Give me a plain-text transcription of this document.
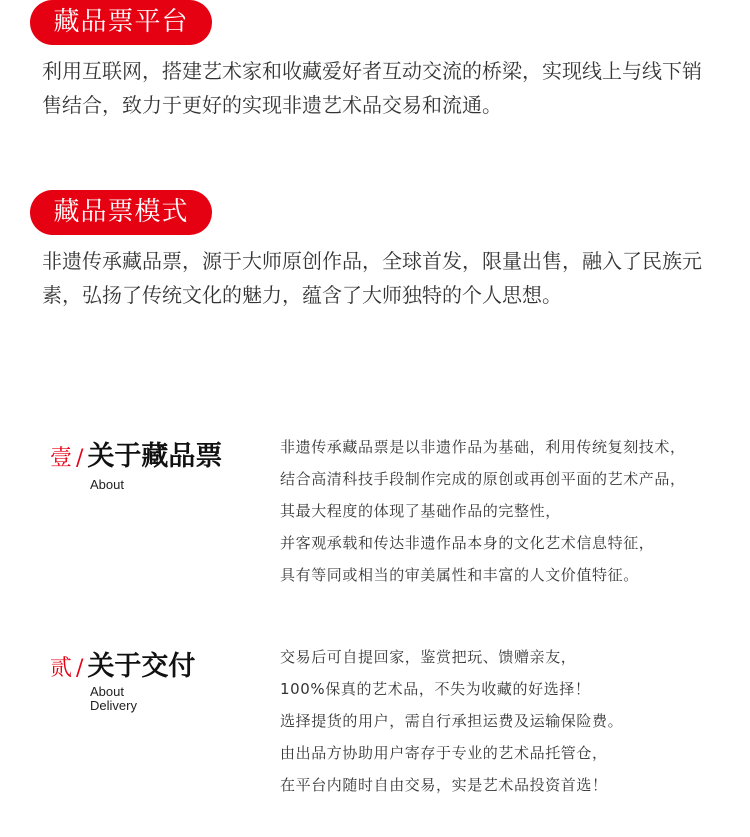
藏品票平台
利用互联网，搭建艺术家和收藏爱好者互动交流的桥梁，实现线上与线下销售结合，致力于更好的实现非遗艺术品交易和流通。
藏品票模式
非遗传承藏品票，源于大师原创作品，全球首发，限量出售，融入了民族元素，弘扬了传统文化的魅力，蕴含了大师独特的个人思想。
壹 / 关于藏品票
About
非遗传承藏品票是以非遗作品为基础，利用传统复刻技术，
结合高清科技手段制作完成的原创或再创平面的艺术产品，
其最大程度的体现了基础作品的完整性，
并客观承载和传达非遗作品本身的文化艺术信息特征，
具有等同或相当的审美属性和丰富的人文价值特征。
贰 / 关于交付
About
Delivery
交易后可自提回家，鉴赏把玩、馈赠亲友，
100%保真的艺术品，不失为收藏的好选择！
选择提货的用户，需自行承担运费及运输保险费。
由出品方协助用户寄存于专业的艺术品托管仓，
在平台内随时自由交易，实是艺术品投资首选！
